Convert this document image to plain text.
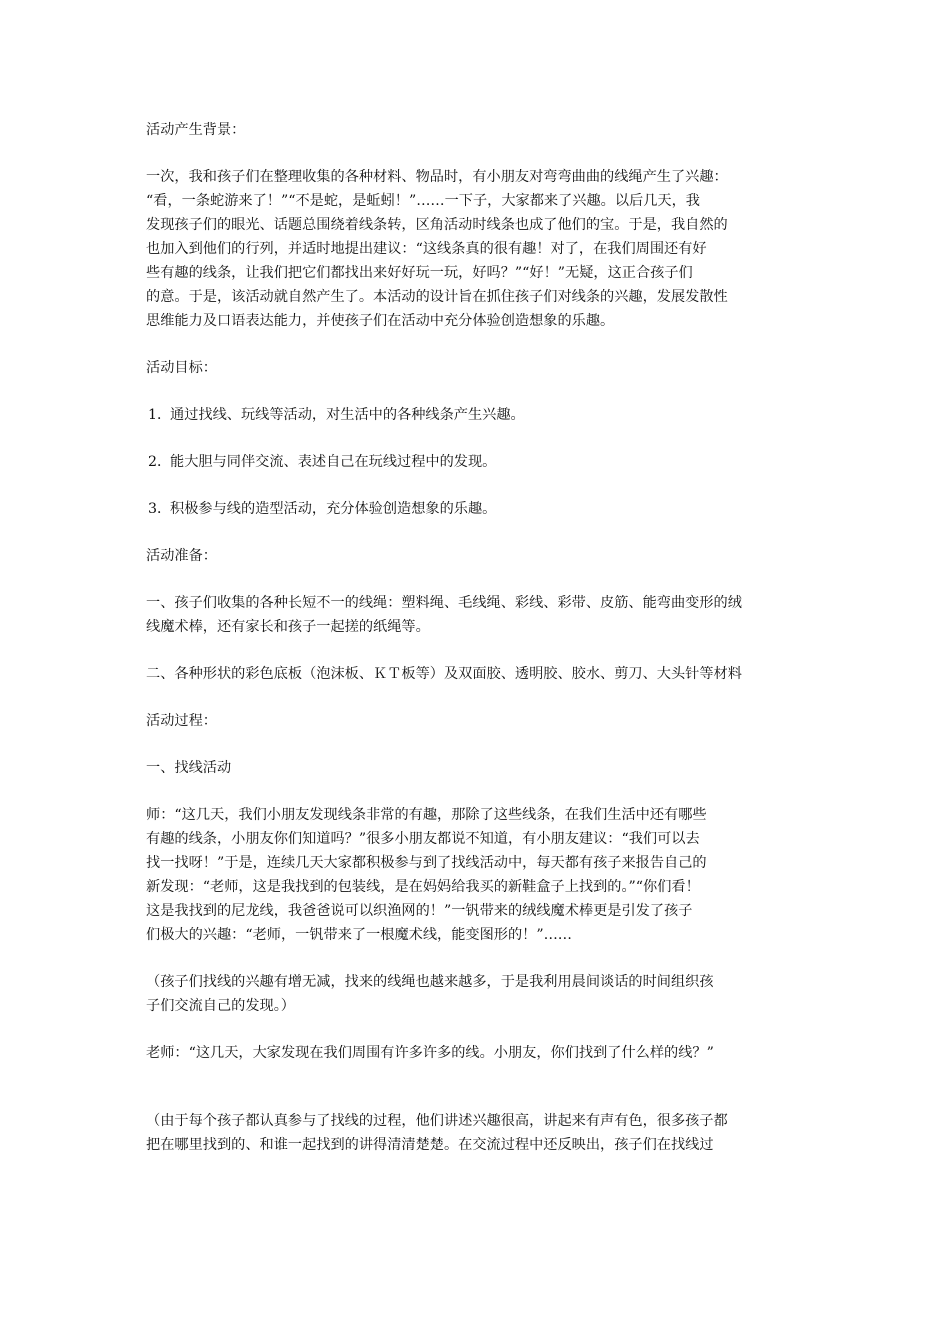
活动产生背景：

一次，我和孩子们在整理收集的各种材料、物品时，有小朋友对弯弯曲曲的线绳产生了兴趣：
“看，一条蛇游来了！”“不是蛇，是蚯蚓！”……一下子，大家都来了兴趣。以后几天，我
发现孩子们的眼光、话题总围绕着线条转，区角活动时线条也成了他们的宝。于是，我自然的
也加入到他们的行列，并适时地提出建议：“这线条真的很有趣！对了，在我们周围还有好
些有趣的线条，让我们把它们都找出来好好玩一玩，好吗？”“好！”无疑，这正合孩子们
的意。于是，该活动就自然产生了。本活动的设计旨在抓住孩子们对线条的兴趣，发展发散性
思维能力及口语表达能力，并使孩子们在活动中充分体验创造想象的乐趣。

活动目标：

1．通过找线、玩线等活动，对生活中的各种线条产生兴趣。

2．能大胆与同伴交流、表述自己在玩线过程中的发现。

3．积极参与线的造型活动，充分体验创造想象的乐趣。

活动准备：

一、孩子们收集的各种长短不一的线绳：塑料绳、毛线绳、彩线、彩带、皮筋、能弯曲变形的绒
线魔术棒，还有家长和孩子一起搓的纸绳等。

二、各种形状的彩色底板（泡沫板、ＫＴ板等）及双面胶、透明胶、胶水、剪刀、大头针等材料

活动过程：

一、找线活动

师：“这几天，我们小朋友发现线条非常的有趣，那除了这些线条，在我们生活中还有哪些
有趣的线条，小朋友你们知道吗？”很多小朋友都说不知道，有小朋友建议：“我们可以去
找一找呀！”于是，连续几天大家都积极参与到了找线活动中，每天都有孩子来报告自己的
新发现：“老师，这是我找到的包装线，是在妈妈给我买的新鞋盒子上找到的。”“你们看！
这是我找到的尼龙线，我爸爸说可以织渔网的！”一钒带来的绒线魔术棒更是引发了孩子
们极大的兴趣：“老师，一钒带来了一根魔术线，能变图形的！”……

（孩子们找线的兴趣有增无减，找来的线绳也越来越多，于是我利用晨间谈话的时间组织孩
子们交流自己的发现。）

老师：“这几天，大家发现在我们周围有许多许多的线。小朋友，你们找到了什么样的线？”

（由于每个孩子都认真参与了找线的过程，他们讲述兴趣很高，讲起来有声有色，很多孩子都
把在哪里找到的、和谁一起找到的讲得清清楚楚。在交流过程中还反映出，孩子们在找线过
